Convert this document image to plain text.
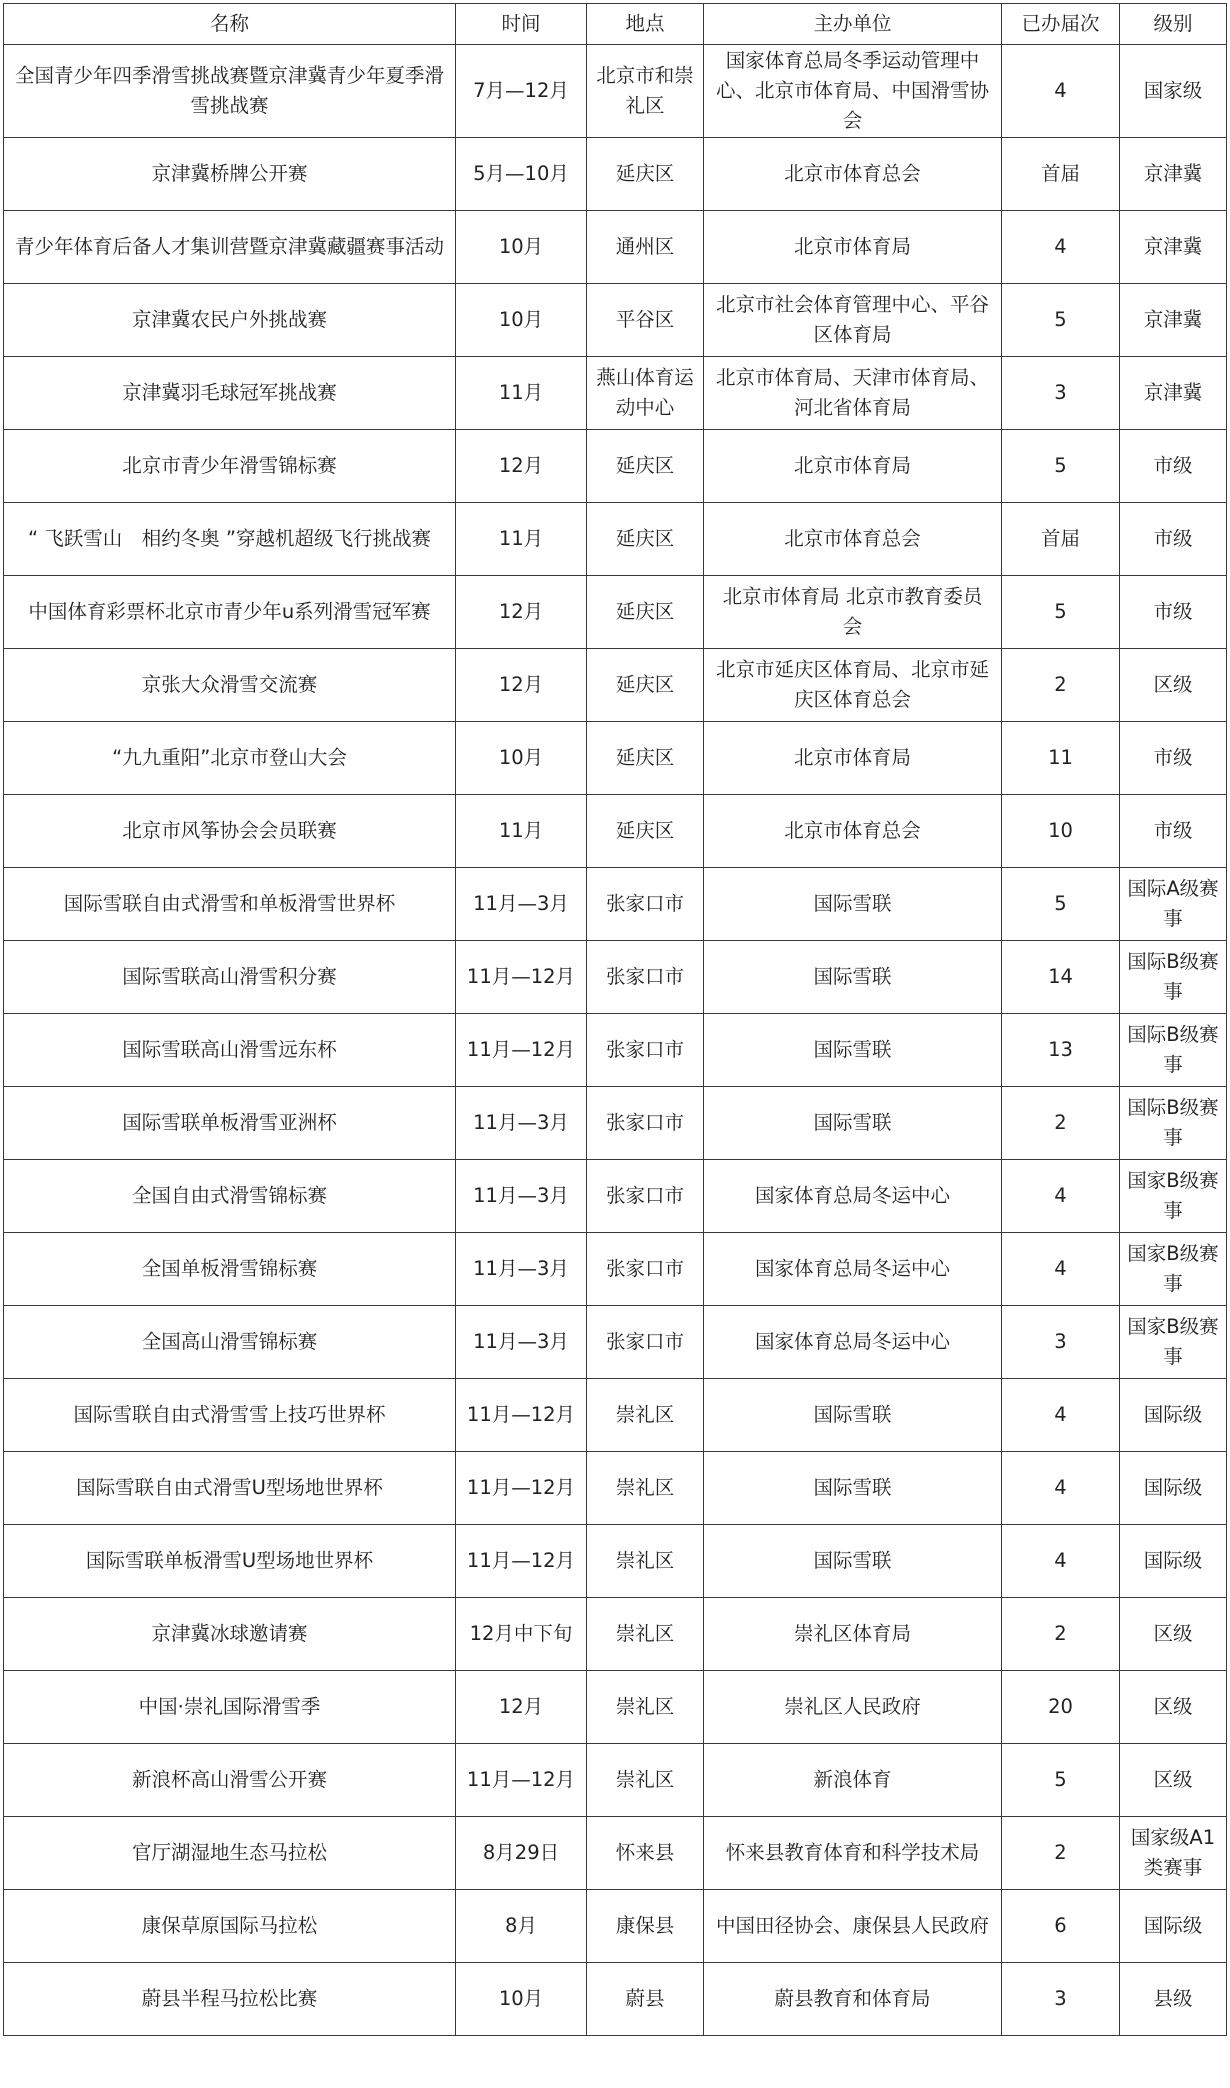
名称	时间	地点	主办单位	已办届次	级别
全国青少年四季滑雪挑战赛暨京津冀青少年夏季滑雪挑战赛	7月—12月	北京市和崇礼区	国家体育总局冬季运动管理中心、北京市体育局、中国滑雪协会	4	国家级
京津冀桥牌公开赛	5月—10月	延庆区	北京市体育总会	首届	京津冀
青少年体育后备人才集训营暨京津冀藏疆赛事活动	10月	通州区	北京市体育局	4	京津冀
京津冀农民户外挑战赛	10月	平谷区	北京市社会体育管理中心、平谷区体育局	5	京津冀
京津冀羽毛球冠军挑战赛	11月	燕山体育运动中心	北京市体育局、天津市体育局、河北省体育局	3	京津冀
北京市青少年滑雪锦标赛	12月	延庆区	北京市体育局	5	市级
“ 飞跃雪山　相约冬奥 ”穿越机超级飞行挑战赛	11月	延庆区	北京市体育总会	首届	市级
中国体育彩票杯北京市青少年u系列滑雪冠军赛	12月	延庆区	北京市体育局 北京市教育委员会	5	市级
京张大众滑雪交流赛	12月	延庆区	北京市延庆区体育局、北京市延庆区体育总会	2	区级
“九九重阳”北京市登山大会	10月	延庆区	北京市体育局	11	市级
北京市风筝协会会员联赛	11月	延庆区	北京市体育总会	10	市级
国际雪联自由式滑雪和单板滑雪世界杯	11月—3月	张家口市	国际雪联	5	国际A级赛事
国际雪联高山滑雪积分赛	11月—12月	张家口市	国际雪联	14	国际B级赛事
国际雪联高山滑雪远东杯	11月—12月	张家口市	国际雪联	13	国际B级赛事
国际雪联单板滑雪亚洲杯	11月—3月	张家口市	国际雪联	2	国际B级赛事
全国自由式滑雪锦标赛	11月—3月	张家口市	国家体育总局冬运中心	4	国家B级赛事
全国单板滑雪锦标赛	11月—3月	张家口市	国家体育总局冬运中心	4	国家B级赛事
全国高山滑雪锦标赛	11月—3月	张家口市	国家体育总局冬运中心	3	国家B级赛事
国际雪联自由式滑雪雪上技巧世界杯	11月—12月	崇礼区	国际雪联	4	国际级
国际雪联自由式滑雪U型场地世界杯	11月—12月	崇礼区	国际雪联	4	国际级
国际雪联单板滑雪U型场地世界杯	11月—12月	崇礼区	国际雪联	4	国际级
京津冀冰球邀请赛	12月中下旬	崇礼区	崇礼区体育局	2	区级
中国·崇礼国际滑雪季	12月	崇礼区	崇礼区人民政府	20	区级
新浪杯高山滑雪公开赛	11月—12月	崇礼区	新浪体育	5	区级
官厅湖湿地生态马拉松	8月29日	怀来县	怀来县教育体育和科学技术局	2	国家级A1类赛事
康保草原国际马拉松	8月	康保县	中国田径协会、康保县人民政府	6	国际级
蔚县半程马拉松比赛	10月	蔚县	蔚县教育和体育局	3	县级
